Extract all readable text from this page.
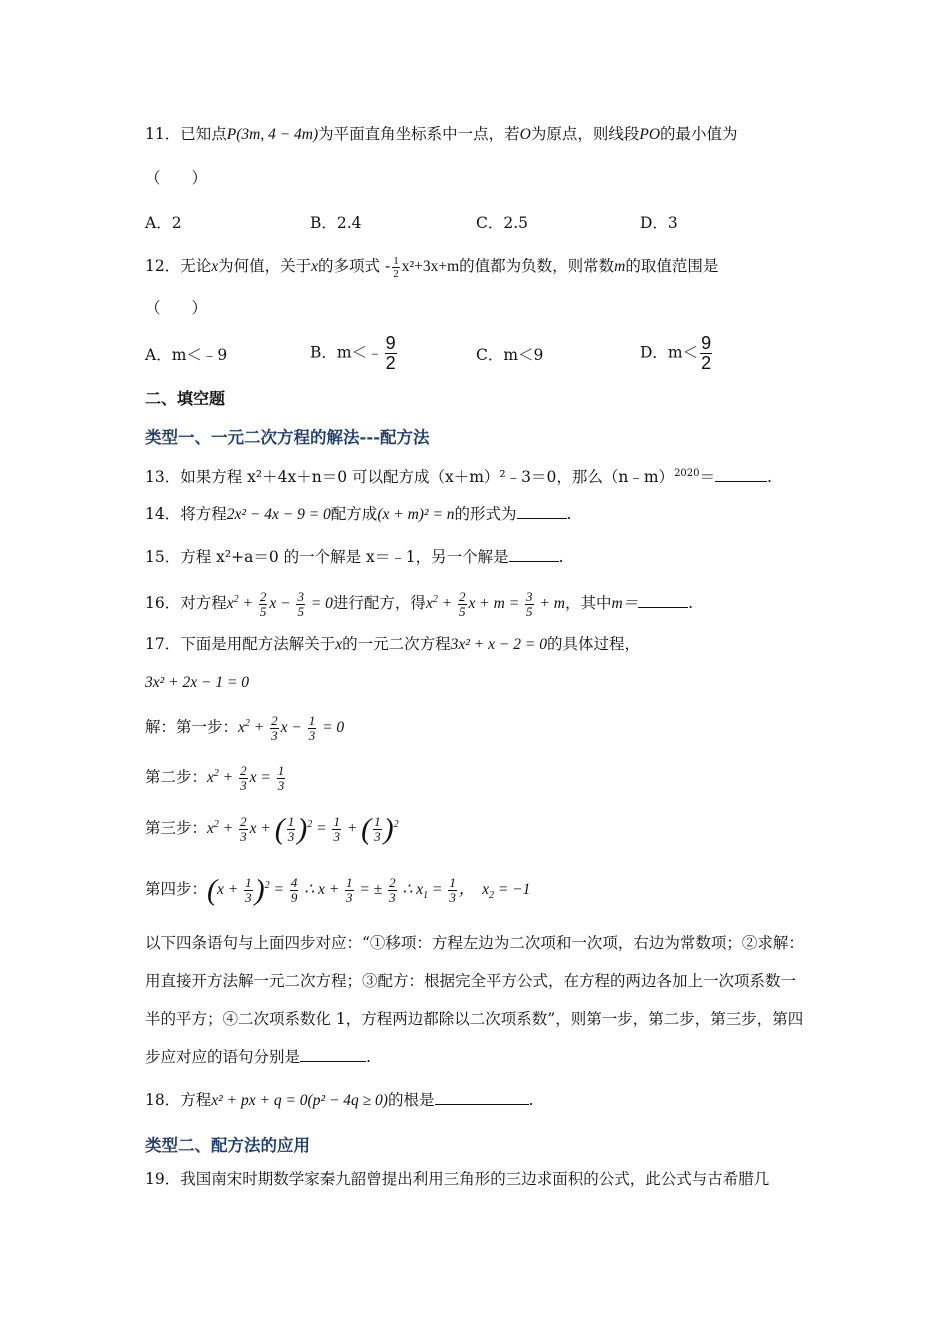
11．已知点P(3m, 4 − 4m)为平面直角坐标系中一点，若O为原点，则线段PO的最小值为
（　　）
A．2	B．2.4	C．2.5	D．3
12．无论x为何值，关于x的多项式 - $\frac{1}{2} x^2+3x+m$的值都为负数，则常数m的取值范围是
（　　）
A．m＜﹣9	B．m＜﹣ $\frac{9}{2}$	C．m＜9	D．$m< \frac{9}{2}$
二、填空题
类型一、一元二次方程的解法---配方法
13．如果方程 x²＋4x＋n＝0 可以配方成（x＋m）²﹣3＝0，那么（n﹣m）$^{2020}$＝	.
14．将方程2x² − 4x − 9 = 0配方成(x + m)² = n的形式为	.
15．方程 x²+a＝0 的一个解是 x＝﹣1，另一个解是	.
16．对方程$x^2 + \frac{2}{5}$ $x - \frac{3}{5} = 0$进行配方，得$x^2 + \frac{2}{5}$ $x + m = \frac{3}{5} + m$，其中m＝	.
17．下面是用配方法解关于x的一元二次方程3x² + x − 2 = 0的具体过程，
3x² + 2x − 1 = 0
解：第一步：$x^2 + \frac{2}{3}$ $x - \frac{1}{3} = 0$
第二步：$x^2 + \frac{2}{3}$ $x = \frac{1}{3}$
第三步：$x^2 + \frac{2}{3}$ x + ( $\frac{1}{3} )^2 = \frac{1}{3}$ + ( $\frac{1}{3} )^2$
第四步：$(x + \frac{1}{3} )^2 = \frac{4}{9}$ ∴ $x + \frac{1}{3}$ = ± $\frac{2}{3}$ ∴ $x_1 = \frac{1}{3}$ ，  $x_2 = -1$
以下四条语句与上面四步对应：“①移项：方程左边为二次项和一次项，右边为常数项；②求解：用直接开方法解一元二次方程；③配方：根据完全平方公式，在方程的两边各加上一次项系数一半的平方；④二次项系数化 1，方程两边都除以二次项系数”，则第一步，第二步，第三步，第四步应对应的语句分别是	.
18．方程x² + px + q = 0(p² − 4q ≥ 0)的根是	.
类型二、配方法的应用
19．我国南宋时期数学家秦九韶曾提出利用三角形的三边求面积的公式，此公式与古希腊几
